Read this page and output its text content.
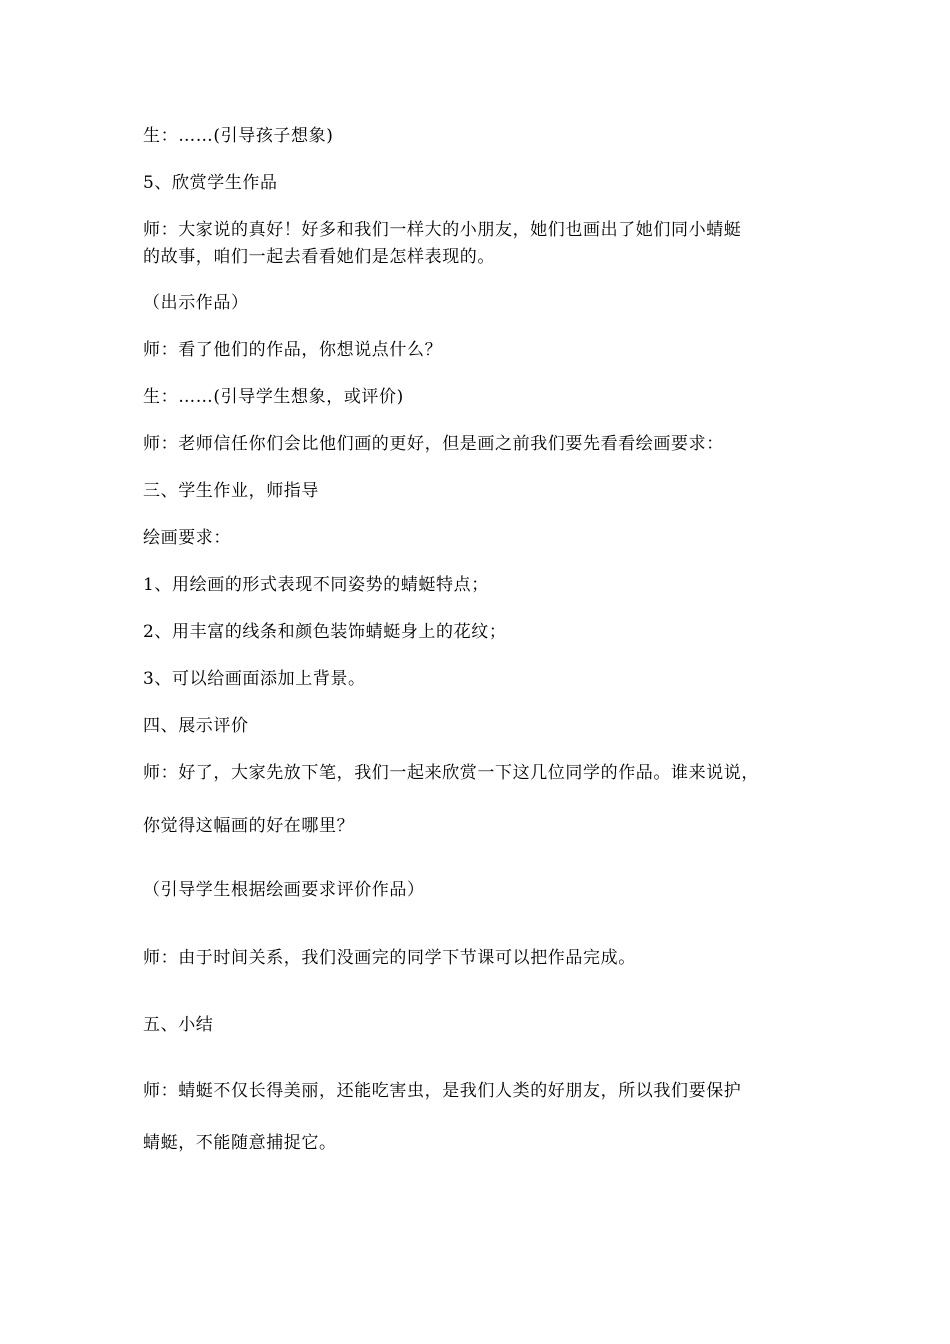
生：……(引导孩子想象)
5、欣赏学生作品
师：大家说的真好！好多和我们一样大的小朋友，她们也画出了她们同小蜻蜓
的故事，咱们一起去看看她们是怎样表现的。
（出示作品）
师：看了他们的作品，你想说点什么？
生：……(引导学生想象，或评价)
师：老师信任你们会比他们画的更好，但是画之前我们要先看看绘画要求：
三、学生作业，师指导
绘画要求：
1、用绘画的形式表现不同姿势的蜻蜓特点；
2、用丰富的线条和颜色装饰蜻蜓身上的花纹；
3、可以给画面添加上背景。
四、展示评价
师：好了，大家先放下笔，我们一起来欣赏一下这几位同学的作品。谁来说说，
你觉得这幅画的好在哪里？
（引导学生根据绘画要求评价作品）
师：由于时间关系，我们没画完的同学下节课可以把作品完成。
五、小结
师：蜻蜓不仅长得美丽，还能吃害虫，是我们人类的好朋友，所以我们要保护
蜻蜓，不能随意捕捉它。
